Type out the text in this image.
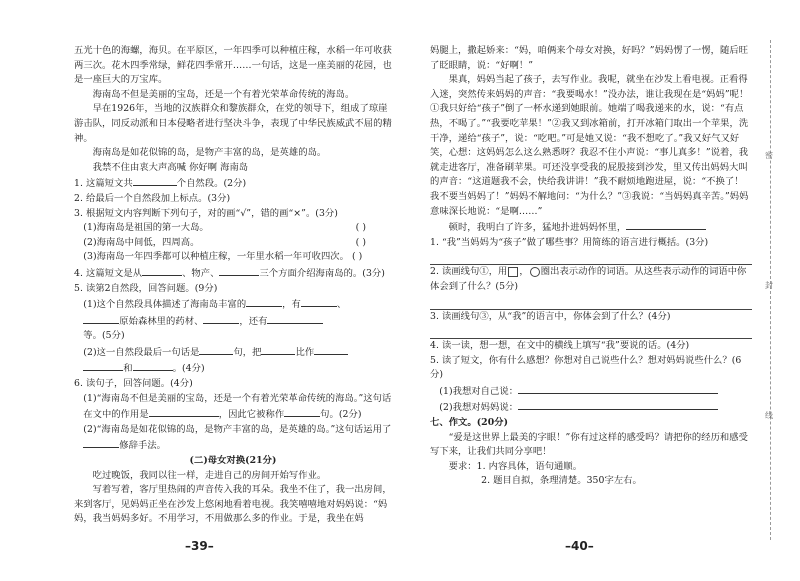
五光十色的海螺，海贝。在平原区，一年四季可以种植庄稼，水稻一年可收获两三次。花木四季常绿，鲜花四季常开……一句话，这是一座美丽的花园，也是一座巨大的万宝库。

海南岛不但是美丽的宝岛，还是一个有着光荣革命传统的海岛。

早在1926年，当地的汉族群众和黎族群众，在党的领导下，组成了琼崖游击队，同反动派和日本侵略者进行坚决斗争，表现了中华民族威武不屈的精神。

海南岛是如花似锦的岛，是物产丰富的岛，是英雄的岛。

我禁不住由衷大声高喊 你好啊 海南岛

1. 这篇短文共	个自然段。(2分)

2. 给最后一个自然段加上标点。(3分)

3. 根据短文内容判断下列句子，对的画“√”，错的画“×”。(3分)

(1)海南岛是祖国的第一大岛。	( )

(2)海南岛中间低，四周高。	( )

(3)海南岛一年四季都可以种植庄稼，一年里水稻一年可收四次。 ( )

4. 这篇短文是从	、物产、	三个方面介绍海南岛的。(3分)

5. 读第2自然段，回答问题。(9分)

(1)这个自然段具体描述了海南岛丰富的	，有	、
原始森林里的药材、	，还有
等。(5分)

(2)这一自然段最后一句话是	句，把	比作
和	。(4分)

6. 读句子，回答问题。(4分)

(1)“海南岛不但是美丽的宝岛，还是一个有着光荣革命传统的海岛。”这句话在文中的作用是	，因此它被称作	句。(2分)

(2)“海南岛是如花似锦的岛，是物产丰富的岛，是英雄的岛。”这句话运用了修辞手法。

(二)母女对换(21分)

吃过晚饭，我同以往一样，走进自己的房间开始写作业。

写着写着，客厅里热闹的声音传入我的耳朵。我坐不住了，我一出房间，来到客厅，见妈妈正坐在沙发上悠闲地看着电视。我笑嘻嘻地对妈妈说：“妈妈，我当妈妈多好。不用学习，不用做那么多的作业。于是，我坐在妈

–39–

妈腿上，撒起娇来：“妈，咱俩来个母女对换，好吗？”妈妈愣了一愣，随后旺了眨眼睛，说：“好啊！”

果真，妈妈当起了孩子，去写作业。我呢，就坐在沙发上看电视。正看得入迷，突然传来妈妈的声音：“我要喝水！”没办法，谁让我现在是“妈妈”呢！①我只好给“孩子”倒了一杯水递到她眼前。她端了喝我递来的水，说：“有点热，不喝了。”“我要吃苹果！”②我又到冰箱前，打开冰箱门取出一个苹果，洗干净，递给“孩子”，说：“吃吧。”可是她又说：“我不想吃了。”我又好气又好笑，心想：这妈妈怎么这么熟悉呀？我忍不住小声说：“事儿真多！”说着，我就走进客厅，准备刷苹果。可还没享受我的屁股接到沙发，里又传出妈妈大叫的声音：“这道题我不会，快给我讲讲！”我不耐烦地跑进屋，说：“不换了！我不要当妈妈了！”妈妈不解地问：“为什么？”③我说：“当妈妈真辛苦。”妈妈意味深长地说：“是啊……”

顿时，我明白了许多，猛地扑进妈妈怀里，

1. “我”当妈妈为“孩子”做了哪些事？用简练的语言进行概括。(3分)

2. 读画线句①，用 ， 圈出表示动作的词语。从这些表示动作的词语中你体会到了什么？(5分)

3. 读画线句③，从“我”的语言中，你体会到了什么？(4分)

4. 读一读，想一想，在文中的横线上填写“我”要说的话。(4分)

5. 读了短文，你有什么感想？你想对自己说些什么？想对妈妈说些什么？(6分)

(1)我想对自己说：

(2)我想对妈妈说：

七、作文。(20分)

“爱是这世界上最美的字眼！”你有过这样的感受吗？请把你的经历和感受写下来，让我们共同分享吧！

要求：1. 内容具体，语句通顺。

2. 题目自拟，条理清楚。350字左右。

–40–
密
封
线
